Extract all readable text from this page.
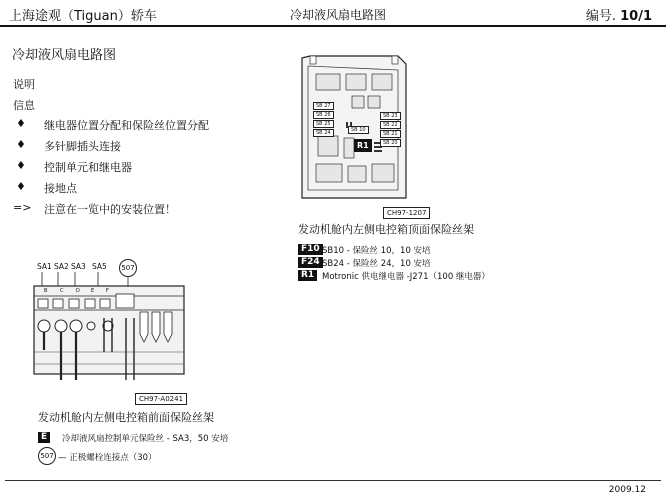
上海途观（Tiguan）轿车	冷却液风扇电路图	编号. 10/1
冷却液风扇电路图
说明
信息
♦ 继电器位置分配和保险丝位置分配
♦ 多针脚插头连接
♦ 控制单元和继电器
♦ 接地点
=> 注意在一览中的安装位置！
SB 27
SB 26
SB 25
SB 24	SB 10
SB 23
SB 22
SB 21
SB 20
R1
CH97-1207
发动机舱内左侧电控箱顶面保险丝架
F10 SB10 - 保险丝 10，10 安培
F24 SB24 - 保险丝 24，10 安培
R1 Motronic 供电继电器 -J271（100 继电器）
SA1 SA2 SA3 SA5	507
B	C	D E F
CH97-A0241
发动机舱内左侧电控箱前面保险丝架
E	冷却液风扇控制单元保险丝 - SA3，50 安培
507 — 正极螺栓连接点（30）
2009.12
